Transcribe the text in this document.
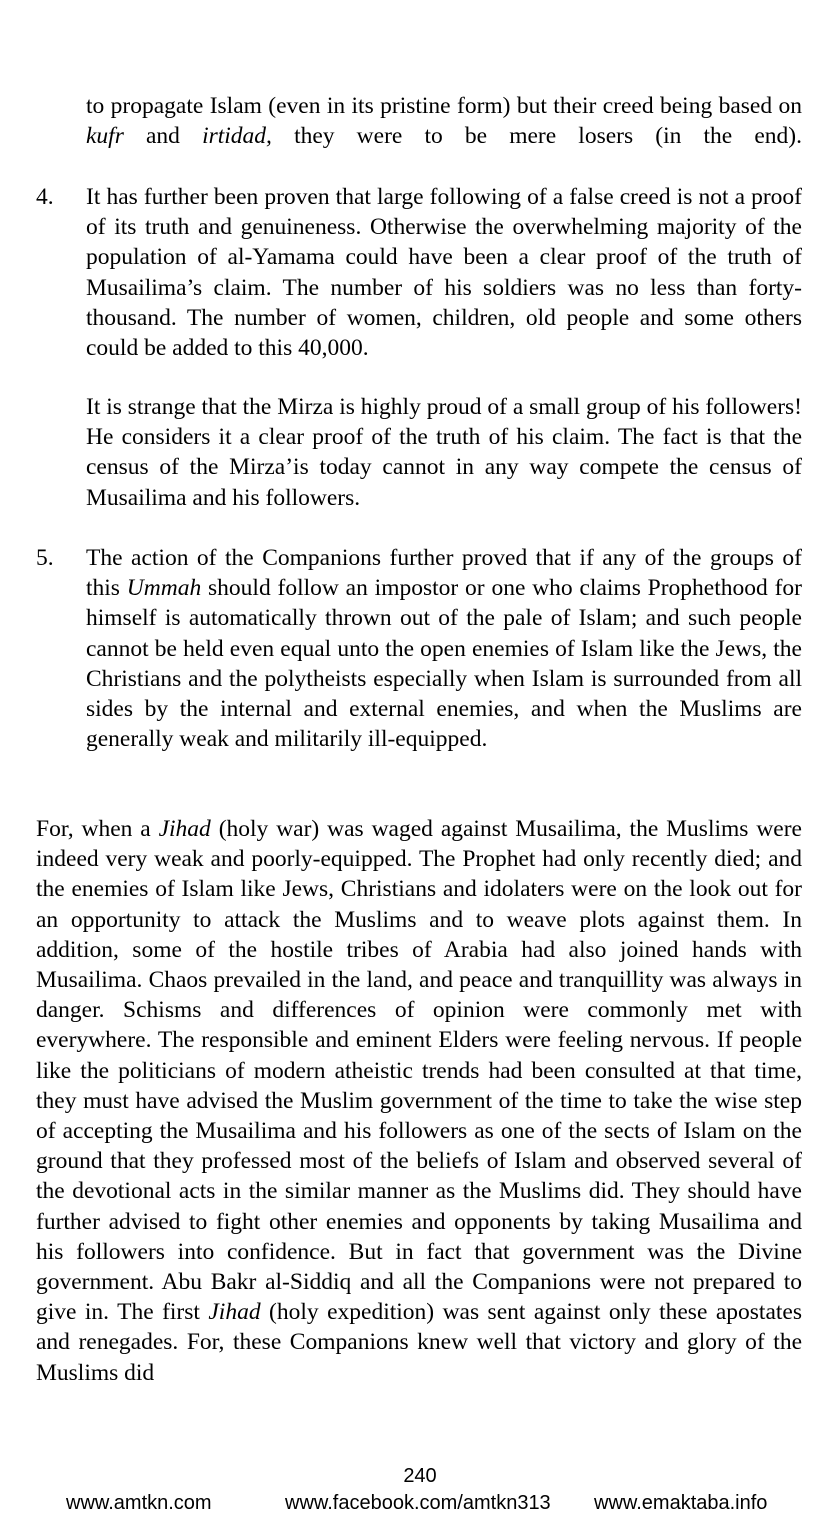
to propagate Islam (even in its pristine form) but their creed being based on kufr and irtidad, they were to be mere losers (in the end).

4. It has further been proven that large following of a false creed is not a proof of its truth and genuineness. Otherwise the overwhelming majority of the population of al-Yamama could have been a clear proof of the truth of Musailima’s claim. The number of his soldiers was no less than forty-thousand. The number of women, children, old people and some others could be added to this 40,000.

It is strange that the Mirza is highly proud of a small group of his followers! He considers it a clear proof of the truth of his claim. The fact is that the census of the Mirza’is today cannot in any way compete the census of Musailima and his followers.

5. The action of the Companions further proved that if any of the groups of this Ummah should follow an impostor or one who claims Prophethood for himself is automatically thrown out of the pale of Islam; and such people cannot be held even equal unto the open enemies of Islam like the Jews, the Christians and the polytheists especially when Islam is surrounded from all sides by the internal and external enemies, and when the Muslims are generally weak and militarily ill-equipped.

For, when a Jihad (holy war) was waged against Musailima, the Muslims were indeed very weak and poorly-equipped. The Prophet had only recently died; and the enemies of Islam like Jews, Christians and idolaters were on the look out for an opportunity to attack the Muslims and to weave plots against them. In addition, some of the hostile tribes of Arabia had also joined hands with Musailima. Chaos prevailed in the land, and peace and tranquillity was always in danger. Schisms and differences of opinion were commonly met with everywhere. The responsible and eminent Elders were feeling nervous. If people like the politicians of modern atheistic trends had been consulted at that time, they must have advised the Muslim government of the time to take the wise step of accepting the Musailima and his followers as one of the sects of Islam on the ground that they professed most of the beliefs of Islam and observed several of the devotional acts in the similar manner as the Muslims did. They should have further advised to fight other enemies and opponents by taking Musailima and his followers into confidence. But in fact that government was the Divine government. Abu Bakr al-Siddiq and all the Companions were not prepared to give in. The first Jihad (holy expedition) was sent against only these apostates and renegades. For, these Companions knew well that victory and glory of the Muslims did

240
www.amtkn.com	www.facebook.com/amtkn313 www.emaktaba.info
